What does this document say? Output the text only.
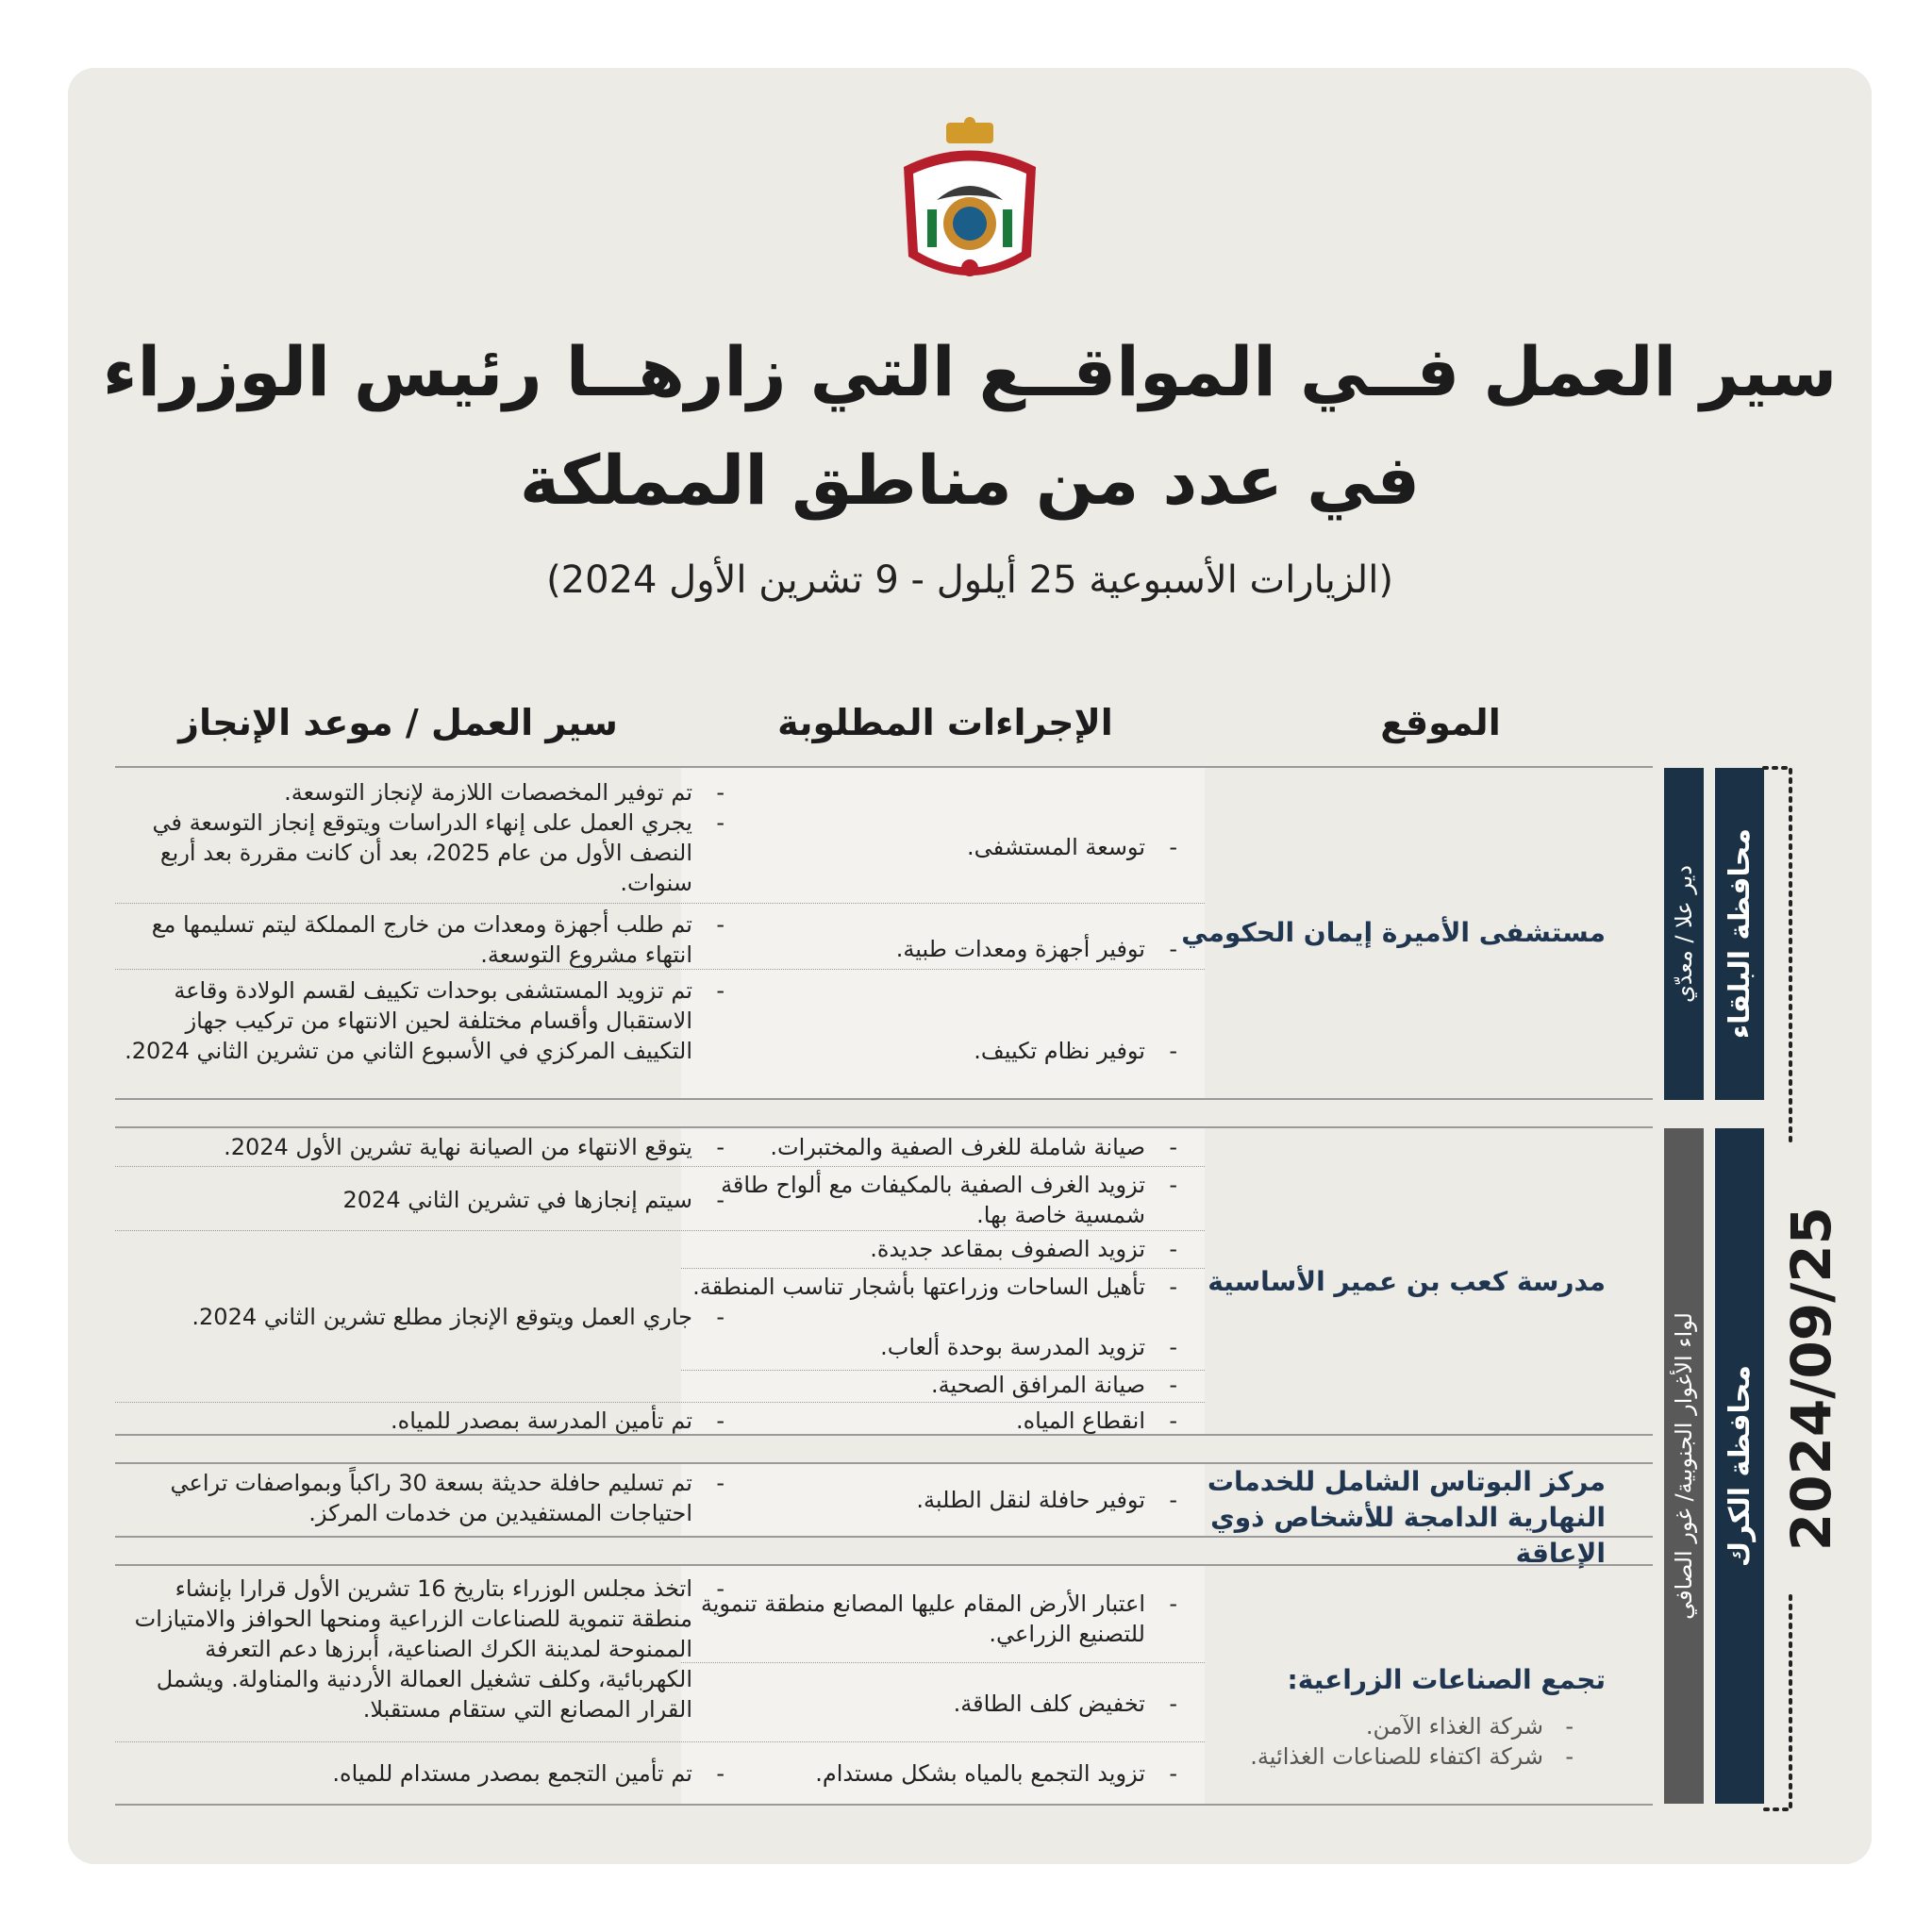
سير العمل فــي المواقــع التي زارهــا رئيس الوزراء
في عدد من مناطق المملكة
(الزيارات الأسبوعية 25 أيلول - 9 تشرين الأول 2024)
الموقع
الإجراءات المطلوبة
سير العمل / موعد الإنجاز
مستشفى الأميرة إيمان الحكومي
- توسعة المستشفى.
- توفير أجهزة ومعدات طبية.
- توفير نظام تكييف.
- تم توفير المخصصات اللازمة لإنجاز التوسعة.
- يجري العمل على إنهاء الدراسات ويتوقع إنجاز التوسعة في النصف الأول من عام 2025، بعد أن كانت مقررة بعد أربع سنوات.
- تم طلب أجهزة ومعدات من خارج المملكة ليتم تسليمها مع انتهاء مشروع التوسعة.
- تم تزويد المستشفى بوحدات تكييف لقسم الولادة وقاعة الاستقبال وأقسام مختلفة لحين الانتهاء من تركيب جهاز التكييف المركزي في الأسبوع الثاني من تشرين الثاني 2024.
مدرسة كعب بن عمير الأساسية
- صيانة شاملة للغرف الصفية والمختبرات.
- تزويد الغرف الصفية بالمكيفات مع ألواح طاقة شمسية خاصة بها.
- تزويد الصفوف بمقاعد جديدة.
- تأهيل الساحات وزراعتها بأشجار تناسب المنطقة.
- تزويد المدرسة بوحدة ألعاب.
- صيانة المرافق الصحية.
- انقطاع المياه.
- يتوقع الانتهاء من الصيانة نهاية تشرين الأول 2024.
- سيتم إنجازها في تشرين الثاني 2024
- جاري العمل ويتوقع الإنجاز مطلع تشرين الثاني 2024.
- تم تأمين المدرسة بمصدر للمياه.
مركز البوتاس الشامل للخدمات النهارية الدامجة للأشخاص ذوي الإعاقة
- توفير حافلة لنقل الطلبة.
- تم تسليم حافلة حديثة بسعة 30 راكباً وبمواصفات تراعي احتياجات المستفيدين من خدمات المركز.
تجمع الصناعات الزراعية:
- شركة الغذاء الآمن.
- شركة اكتفاء للصناعات الغذائية.
- اعتبار الأرض المقام عليها المصانع منطقة تنموية للتصنيع الزراعي.
- تخفيض كلف الطاقة.
- تزويد التجمع بالمياه بشكل مستدام.
- اتخذ مجلس الوزراء بتاريخ 16 تشرين الأول قرارا بإنشاء منطقة تنموية للصناعات الزراعية ومنحها الحوافز والامتيازات الممنوحة لمدينة الكرك الصناعية، أبرزها دعم التعرفة الكهربائية، وكلف تشغيل العمالة الأردنية والمناولة. ويشمل القرار المصانع التي ستقام مستقبلا.
- تم تأمين التجمع بمصدر مستدام للمياه.
دير علا / معدّي محافظة البلقاء
لواء الأغوار الجنوبية/ غور الصافي محافظة الكرك 2024/09/25
